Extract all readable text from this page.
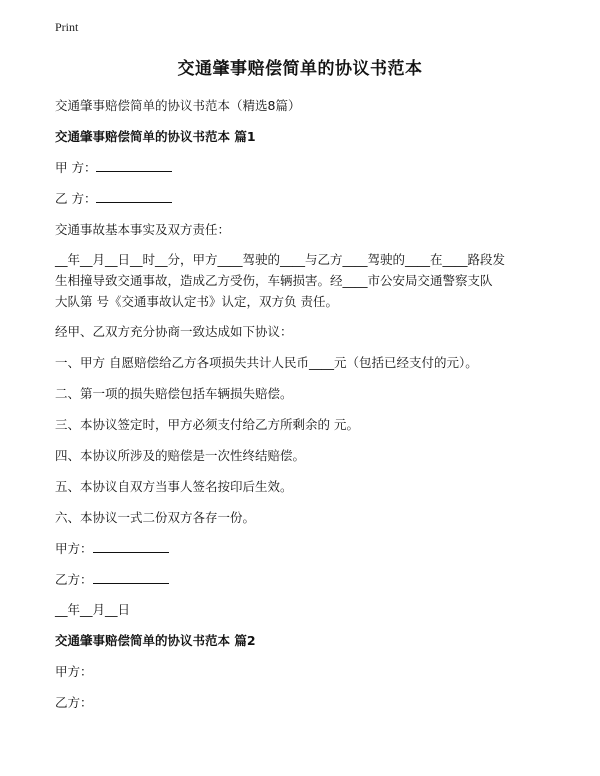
Print
交通肇事赔偿简单的协议书范本
交通肇事赔偿简单的协议书范本（精选8篇）
交通肇事赔偿简单的协议书范本 篇1
甲 方：
乙 方：
交通事故基本事实及双方责任：
__年__月__日__时__分，甲方____驾驶的____与乙方____驾驶的____在____路段发
生相撞导致交通事故，造成乙方受伤，车辆损害。经____市公安局交通警察支队
大队第 号《交通事故认定书》认定，双方负 责任。
经甲、乙双方充分协商一致达成如下协议：
一、甲方 自愿赔偿给乙方各项损失共计人民币____元（包括已经支付的元）。
二、第一项的损失赔偿包括车辆损失赔偿。
三、本协议签定时，甲方必须支付给乙方所剩余的 元。
四、本协议所涉及的赔偿是一次性终结赔偿。
五、本协议自双方当事人签名按印后生效。
六、本协议一式二份双方各存一份。
甲方：
乙方：
__年__月__日
交通肇事赔偿简单的协议书范本 篇2
甲方：
乙方：
